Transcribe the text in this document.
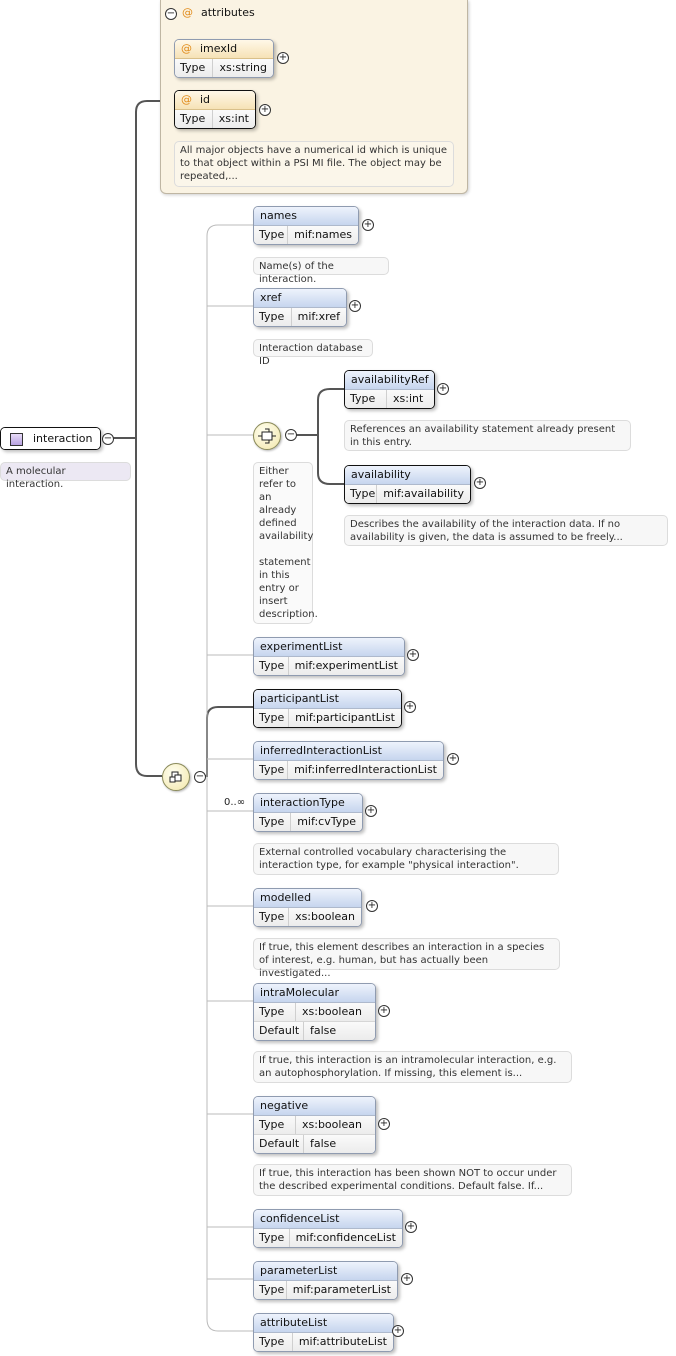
− @ attributes
@ imexId
Type	xs:string
+
@ id
Type	xs:int
+
All major objects have a numerical id which is unique to that object within a PSI MI file. The object may be repeated,...
interaction	−
A molecular interaction.
−
names
Type mif:names
+
Name(s) of the interaction.
xref
Type	mif:xref
+
Interaction database ID
−
Either refer to an already defined availability

statement in this entry or insert description.
availabilityRef
Type	xs:int
+
References an availability statement already present in this entry.
availability
Type mif:availability
+
Describes the availability of the interaction data. If no availability is given, the data is assumed to be freely...
experimentList
Type mif:experimentList
+
participantList
Type mif:participantList
+
inferredInteractionList
Type mif:inferredInteractionList
+
0..∞	interactionType
Type	mif:cvType
+
External controlled vocabulary characterising the interaction type, for example "physical interaction".
modelled
Type xs:boolean
+
If true, this element describes an interaction in a species of interest, e.g. human, but has actually been investigated...
intraMolecular
Type	xs:boolean
Default false
+
If true, this interaction is an intramolecular interaction, e.g. an autophosphorylation. If missing, this element is...
negative
Type	xs:boolean
Default false
+
If true, this interaction has been shown NOT to occur under the described experimental conditions. Default false. If...
confidenceList
Type	mif:confidenceList
+
parameterList
Type mif:parameterList
+
attributeList
Type	mif:attributeList
+
